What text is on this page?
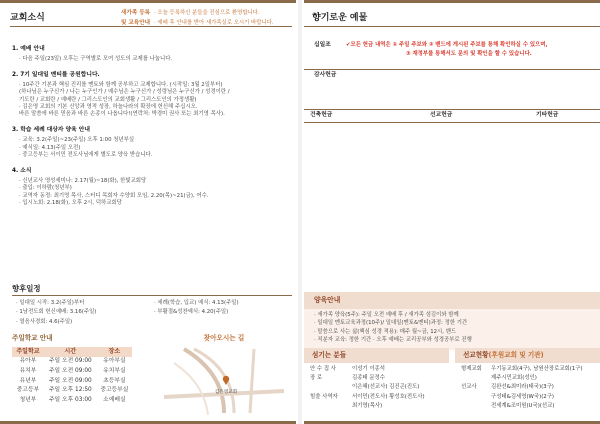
교회소식	새가족 등록 · 오늘 등록하신 분들을 진심으로 환영합니다.
및 교육안내 · 예배 후 안내를 받아 새가족실로 오시기 바랍니다.
1. 예배 안내
· 다음 주일(23일) 오후는 구역별로 모여 성도의 교제를 나눕니다.
2. 7기 일대일 멘티를 공원합니다.
· 10주간 기본과 핵심 진리를 멘토와 함께 공부하고 교제합니다. (시작일: 3월 2일부터)
(하나님은 누구신가 / 나는 누구인가 / 예수님은 누구신가 / 성령님은 누구신가 / 성경이란 /
기도란 / 교회란 / 예배란 / 그리스도인의 교회생활 / 그리스도인의 가정생활)
· 김은영 교회의 기본 신앙과 영적 성장, 하늘나라의 확장에 헌신해 주십시오.
바른 말씀에 바른 믿음과 바른 손종이 나옵니다!(연락처: 박경미 권사 또는 최기영 목사).
3. 학습 세례 대상자 양육 안내
· 교육: 3.2(주일)~23(주일) 오후 1:00 청년부실
· 예식일: 4.13(주일 오전)
· 중고등부는 서이민 전도사님에게 별도로 양육 받습니다.
4. 소식
· 신년교사 영성세미나: 2.17(월)~18(화), 한빛교회당
· 출입: 이하람(청년부)
· 교역자 동정: 최기영 목사, 스터디 목회자 수양회 모임, 2.20(목)~21(금), 여수.
· 입시노회: 2.18(화), 오후 2시, 덕하교회당
향후일정
· 일대일 시작: 3.2(주일)부터	· 세례(학습, 입교) 예식: 4.13(주일)
· 1남전도회 헌신예배: 3.16(주일)	· 부활절&성찬예식: 4.20(주일)
· 열음사경회: 4.6(주일)
주일학교 안내
주일학교	시간	장소
유아부	주일 오전 09:00	유아부실
유치부	주일 오전 09:00	유치부실
유년부	주일 오전 09:00	초등부실
중고등부	주일 오후 12:50	중고등부실
청년부	주일 오후 03:00	소예배실
찾아오시는 길
김은영교회
향기로운 예물
십일조	✔모든 헌금 내역은 ① 주일 주보와 ② 밴드에 게시된 주보를 통해 확인하실 수 있으며,
③ 재정부를 통해서도 문의 및 확인을 할 수 있습니다.
감사헌금
건축헌금	선교헌금	기타헌금
양육안내
· 새가족 양육(5주): 주일 오전 예배 후 / 새가족 섬김이와 함께
· 일대일 멘토교육과정(10주)/ 일대일(멘토&멘티)과정: 정한 기간
· 말씀으로 사는 삶(핵심 성경 적용): 매주 월~금, 12시, 밴드
· 직분자 교육: 정한 기간 · 오후 예배는 교리공부와 성경공부로 진행
섬기는 분들
안 수 집 사	이성기 이종석
장 로	김종태 문정수
이은혜(선교사) 김진곤(진도)
힘쓸 사역자	서이민(전도사) 황성호(전도사)
최기영(목사)
선교현황(후원교회 및 기관)
형제교회	우기동교회(4구), 남원산장로교회(1구)
제주시민교회(성인)
선교사	김완선&최미라(태국)(3구)
구성태&김세영(W국)(2구)
전세계&조미원(U국)(선교)
